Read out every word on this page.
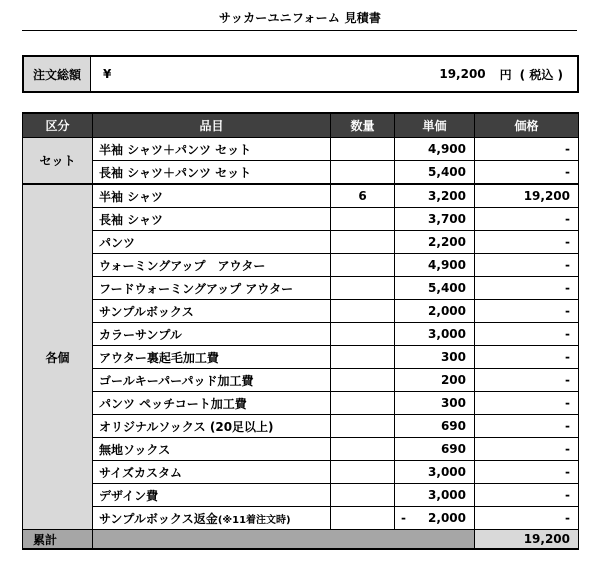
サッカーユニフォーム 見積書
注文総額	¥	19,200 円 ( 税込 )
区分	品目	数量	単価	価格
セット	半袖 シャツ＋パンツ セット		4,900	-
	長袖 シャツ＋パンツ セット		5,400	-
各個	半袖 シャツ	6	3,200	19,200
	長袖 シャツ		3,700	-
	パンツ		2,200	-
	ウォーミングアップ　アウター		4,900	-
	フードウォーミングアップ アウター		5,400	-
	サンプルボックス		2,000	-
	カラーサンプル		3,000	-
	アウター裏起毛加工費		300	-
	ゴールキーパーパッド加工費		200	-
	パンツ ペッチコート加工費		300	-
	オリジナルソックス (20足以上)		690	-
	無地ソックス		690	-
	サイズカスタム		3,000	-
	デザイン費		3,000	-
	サンプルボックス返金(※11着注文時)		- 2,000	-
累計				19,200
